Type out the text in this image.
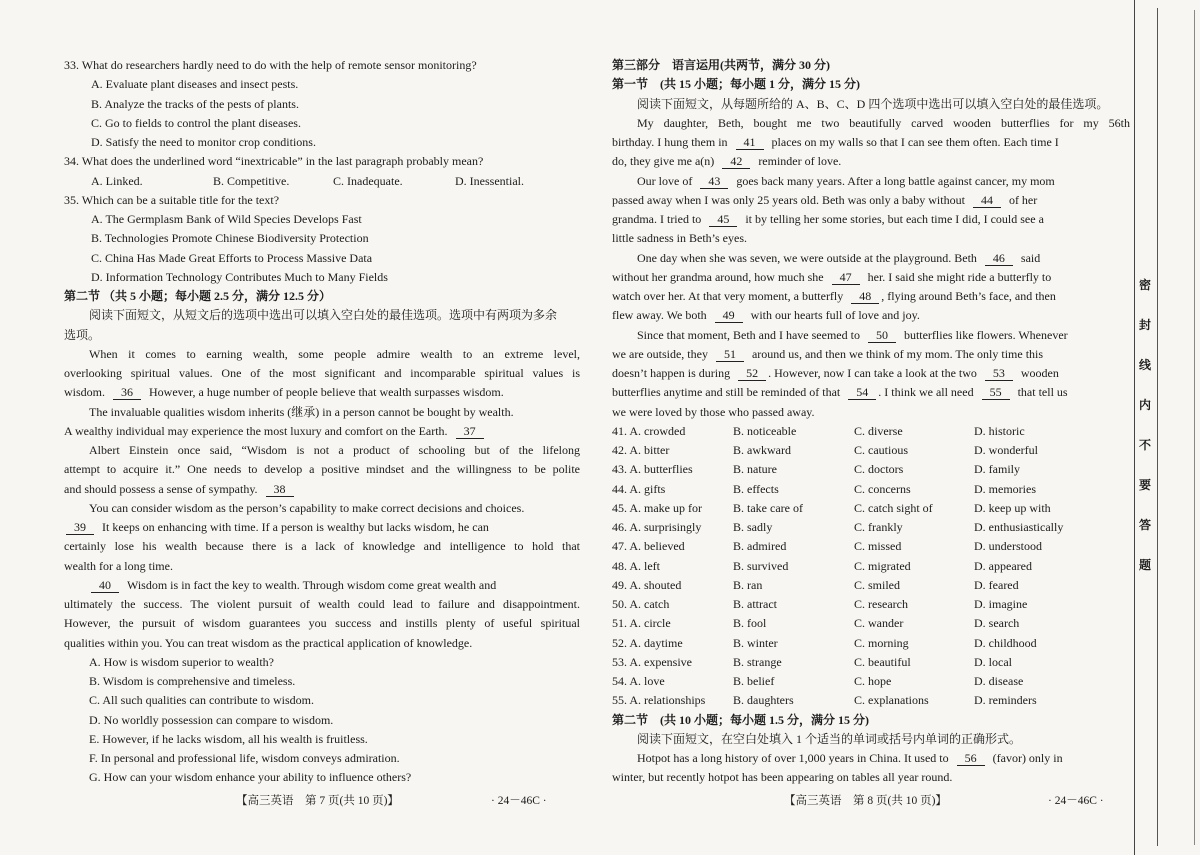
33. What do researchers hardly need to do with the help of remote sensor monitoring?
A. Evaluate plant diseases and insect pests.
B. Analyze the tracks of the pests of plants.
C. Go to fields to control the plant diseases.
D. Satisfy the need to monitor crop conditions.
34. What does the underlined word “inextricable” in the last paragraph probably mean?
A. Linked.	B. Competitive.	C. Inadequate.	D. Inessential.
35. Which can be a suitable title for the text?
A. The Germplasm Bank of Wild Species Develops Fast
B. Technologies Promote Chinese Biodiversity Protection
C. China Has Made Great Efforts to Process Massive Data
D. Information Technology Contributes Much to Many Fields
第二节 （共 5 小题；每小题 2.5 分，满分 12.5 分）
阅读下面短文，从短文后的选项中选出可以填入空白处的最佳选项。选项中有两项为多余
选项。
When it comes to earning wealth, some people admire wealth to an extreme level,
overlooking spiritual values. One of the most significant and incomparable spiritual values is
wisdom. 36 However, a huge number of people believe that wealth surpasses wisdom.
The invaluable qualities wisdom inherits (继承) in a person cannot be bought by wealth.
A wealthy individual may experience the most luxury and comfort on the Earth. 37
Albert Einstein once said, “Wisdom is not a product of schooling but of the lifelong
attempt to acquire it.” One needs to develop a positive mindset and the willingness to be polite
and should possess a sense of sympathy. 38
You can consider wisdom as the person’s capability to make correct decisions and choices.
39 It keeps on enhancing with time. If a person is wealthy but lacks wisdom, he can
certainly lose his wealth because there is a lack of knowledge and intelligence to hold that
wealth for a long time.
40 Wisdom is in fact the key to wealth. Through wisdom come great wealth and
ultimately the success. The violent pursuit of wealth could lead to failure and disappointment.
However, the pursuit of wisdom guarantees you success and instills plenty of useful spiritual
qualities within you. You can treat wisdom as the practical application of knowledge.
A. How is wisdom superior to wealth?
B. Wisdom is comprehensive and timeless.
C. All such qualities can contribute to wisdom.
D. No worldly possession can compare to wisdom.
E. However, if he lacks wisdom, all his wealth is fruitless.
F. In personal and professional life, wisdom conveys admiration.
G. How can your wisdom enhance your ability to influence others?
【高三英语　第 7 页(共 10 页)】	· 24－46C ·
第三部分　语言运用(共两节，满分 30 分)
第一节　(共 15 小题；每小题 1 分，满分 15 分)
阅读下面短文，从每题所给的 A、B、C、D 四个选项中选出可以填入空白处的最佳选项。
My daughter, Beth, bought me two beautifully carved wooden butterflies for my 56th
birthday. I hung them in 41 places on my walls so that I can see them often. Each time I
do, they give me a(n) 42 reminder of love.
Our love of 43 goes back many years. After a long battle against cancer, my mom
passed away when I was only 25 years old. Beth was only a baby without 44 of her
grandma. I tried to 45 it by telling her some stories, but each time I did, I could see a
little sadness in Beth’s eyes.
One day when she was seven, we were outside at the playground. Beth 46 said
without her grandma around, how much she 47 her. I said she might ride a butterfly to
watch over her. At that very moment, a butterfly 48 , flying around Beth’s face, and then
flew away. We both 49 with our hearts full of love and joy.
Since that moment, Beth and I have seemed to 50 butterflies like flowers. Whenever
we are outside, they 51 around us, and then we think of my mom. The only time this
doesn’t happen is during 52 . However, now I can take a look at the two 53 wooden
butterflies anytime and still be reminded of that 54 . I think we all need 55 that tell us
we were loved by those who passed away.
41. A. crowded	B. noticeable	C. diverse	D. historic
42. A. bitter	B. awkward	C. cautious	D. wonderful
43. A. butterflies	B. nature	C. doctors	D. family
44. A. gifts	B. effects	C. concerns	D. memories
45. A. make up for	B. take care of	C. catch sight of	D. keep up with
46. A. surprisingly	B. sadly	C. frankly	D. enthusiastically
47. A. believed	B. admired	C. missed	D. understood
48. A. left	B. survived	C. migrated	D. appeared
49. A. shouted	B. ran	C. smiled	D. feared
50. A. catch	B. attract	C. research	D. imagine
51. A. circle	B. fool	C. wander	D. search
52. A. daytime	B. winter	C. morning	D. childhood
53. A. expensive	B. strange	C. beautiful	D. local
54. A. love	B. belief	C. hope	D. disease
55. A. relationships B. daughters	C. explanations	D. reminders
第二节　(共 10 小题；每小题 1.5 分，满分 15 分)
阅读下面短文，在空白处填入 1 个适当的单词或括号内单词的正确形式。
Hotpot has a long history of over 1,000 years in China. It used to 56 (favor) only in
winter, but recently hotpot has been appearing on tables all year round.
【高三英语　第 8 页(共 10 页)】	· 24－46C ·
密
封
线
内
不
要
答
题
